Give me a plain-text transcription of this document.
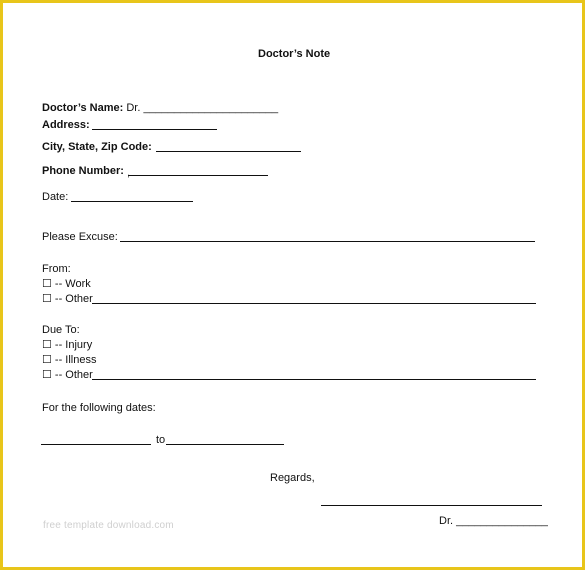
Doctor’s Note
Doctor’s Name: Dr. ______________________
Address:
City, State, Zip Code:
Phone Number: ,
Date:
Please Excuse:
From:
☐ -- Work
☐ -- Other
Due To:
☐ -- Injury
☐ -- Illness
☐ -- Other
For the following dates:
to
Regards,
Dr. _______________
free template download.com
